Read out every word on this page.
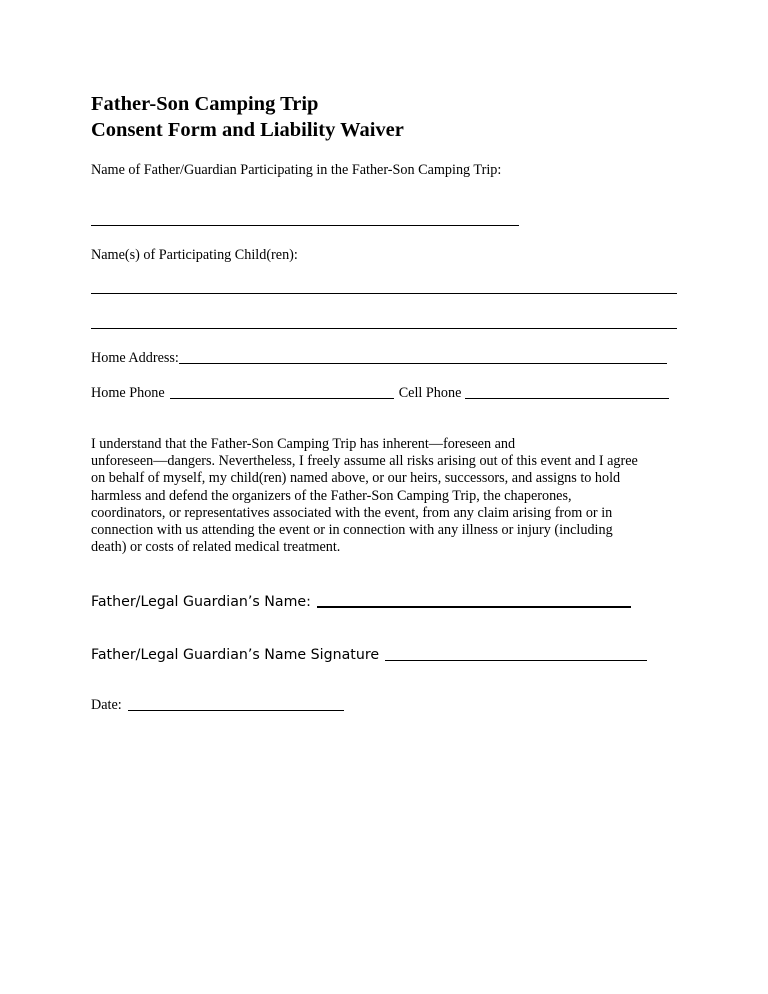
Father-Son Camping Trip
Consent Form and Liability Waiver
Name of Father/Guardian Participating in the Father-Son Camping Trip:
Name(s) of Participating Child(ren):
Home Address:
Home Phone	Cell Phone
I understand that the Father-Son Camping Trip has inherent—foreseen and
unforeseen—dangers. Nevertheless, I freely assume all risks arising out of this event and I agree
on behalf of myself, my child(ren) named above, or our heirs, successors, and assigns to hold
harmless and defend the organizers of the Father-Son Camping Trip, the chaperones,
coordinators, or representatives associated with the event, from any claim arising from or in
connection with us attending the event or in connection with any illness or injury (including
death) or costs of related medical treatment.
Father/Legal Guardian’s Name:
Father/Legal Guardian’s Name Signature
Date:
